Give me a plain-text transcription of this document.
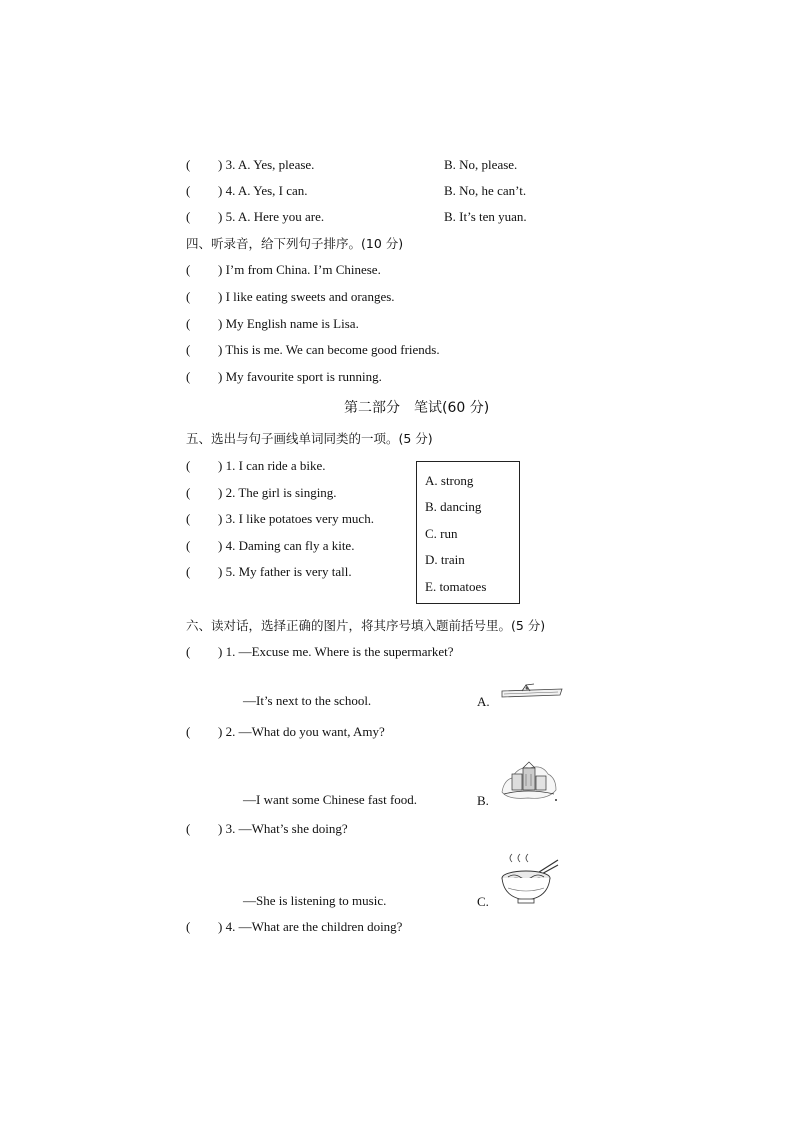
( ) 3. A. Yes, please.	B. No, please.
( ) 4. A. Yes, I can.	B. No, he can’t.
( ) 5. A. Here you are.	B. It’s ten yuan.
四、听录音，给下列句子排序。(10 分)
( ) I’m from China. I’m Chinese.
( ) I like eating sweets and oranges.
( ) My English name is Lisa.
( ) This is me. We can become good friends.
( ) My favourite sport is running.
第二部分　笔试(60 分)
五、选出与句子画线单词同类的一项。(5 分)
( ) 1. I can ride a bike.
( ) 2. The girl is singing.
( ) 3. I like potatoes very much.
( ) 4. Daming can fly a kite.
( ) 5. My father is very tall.
A. strong
B. dancing
C. run
D. train
E. tomatoes
六、读对话，选择正确的图片，将其序号填入题前括号里。(5 分)
( ) 1. —Excuse me. Where is the supermarket?
—It’s next to the school.
( ) 2. —What do you want, Amy?
—I want some Chinese fast food.
( ) 3. —What’s she doing?
—She is listening to music.
( ) 4. —What are the children doing?
A.
B.
C.
